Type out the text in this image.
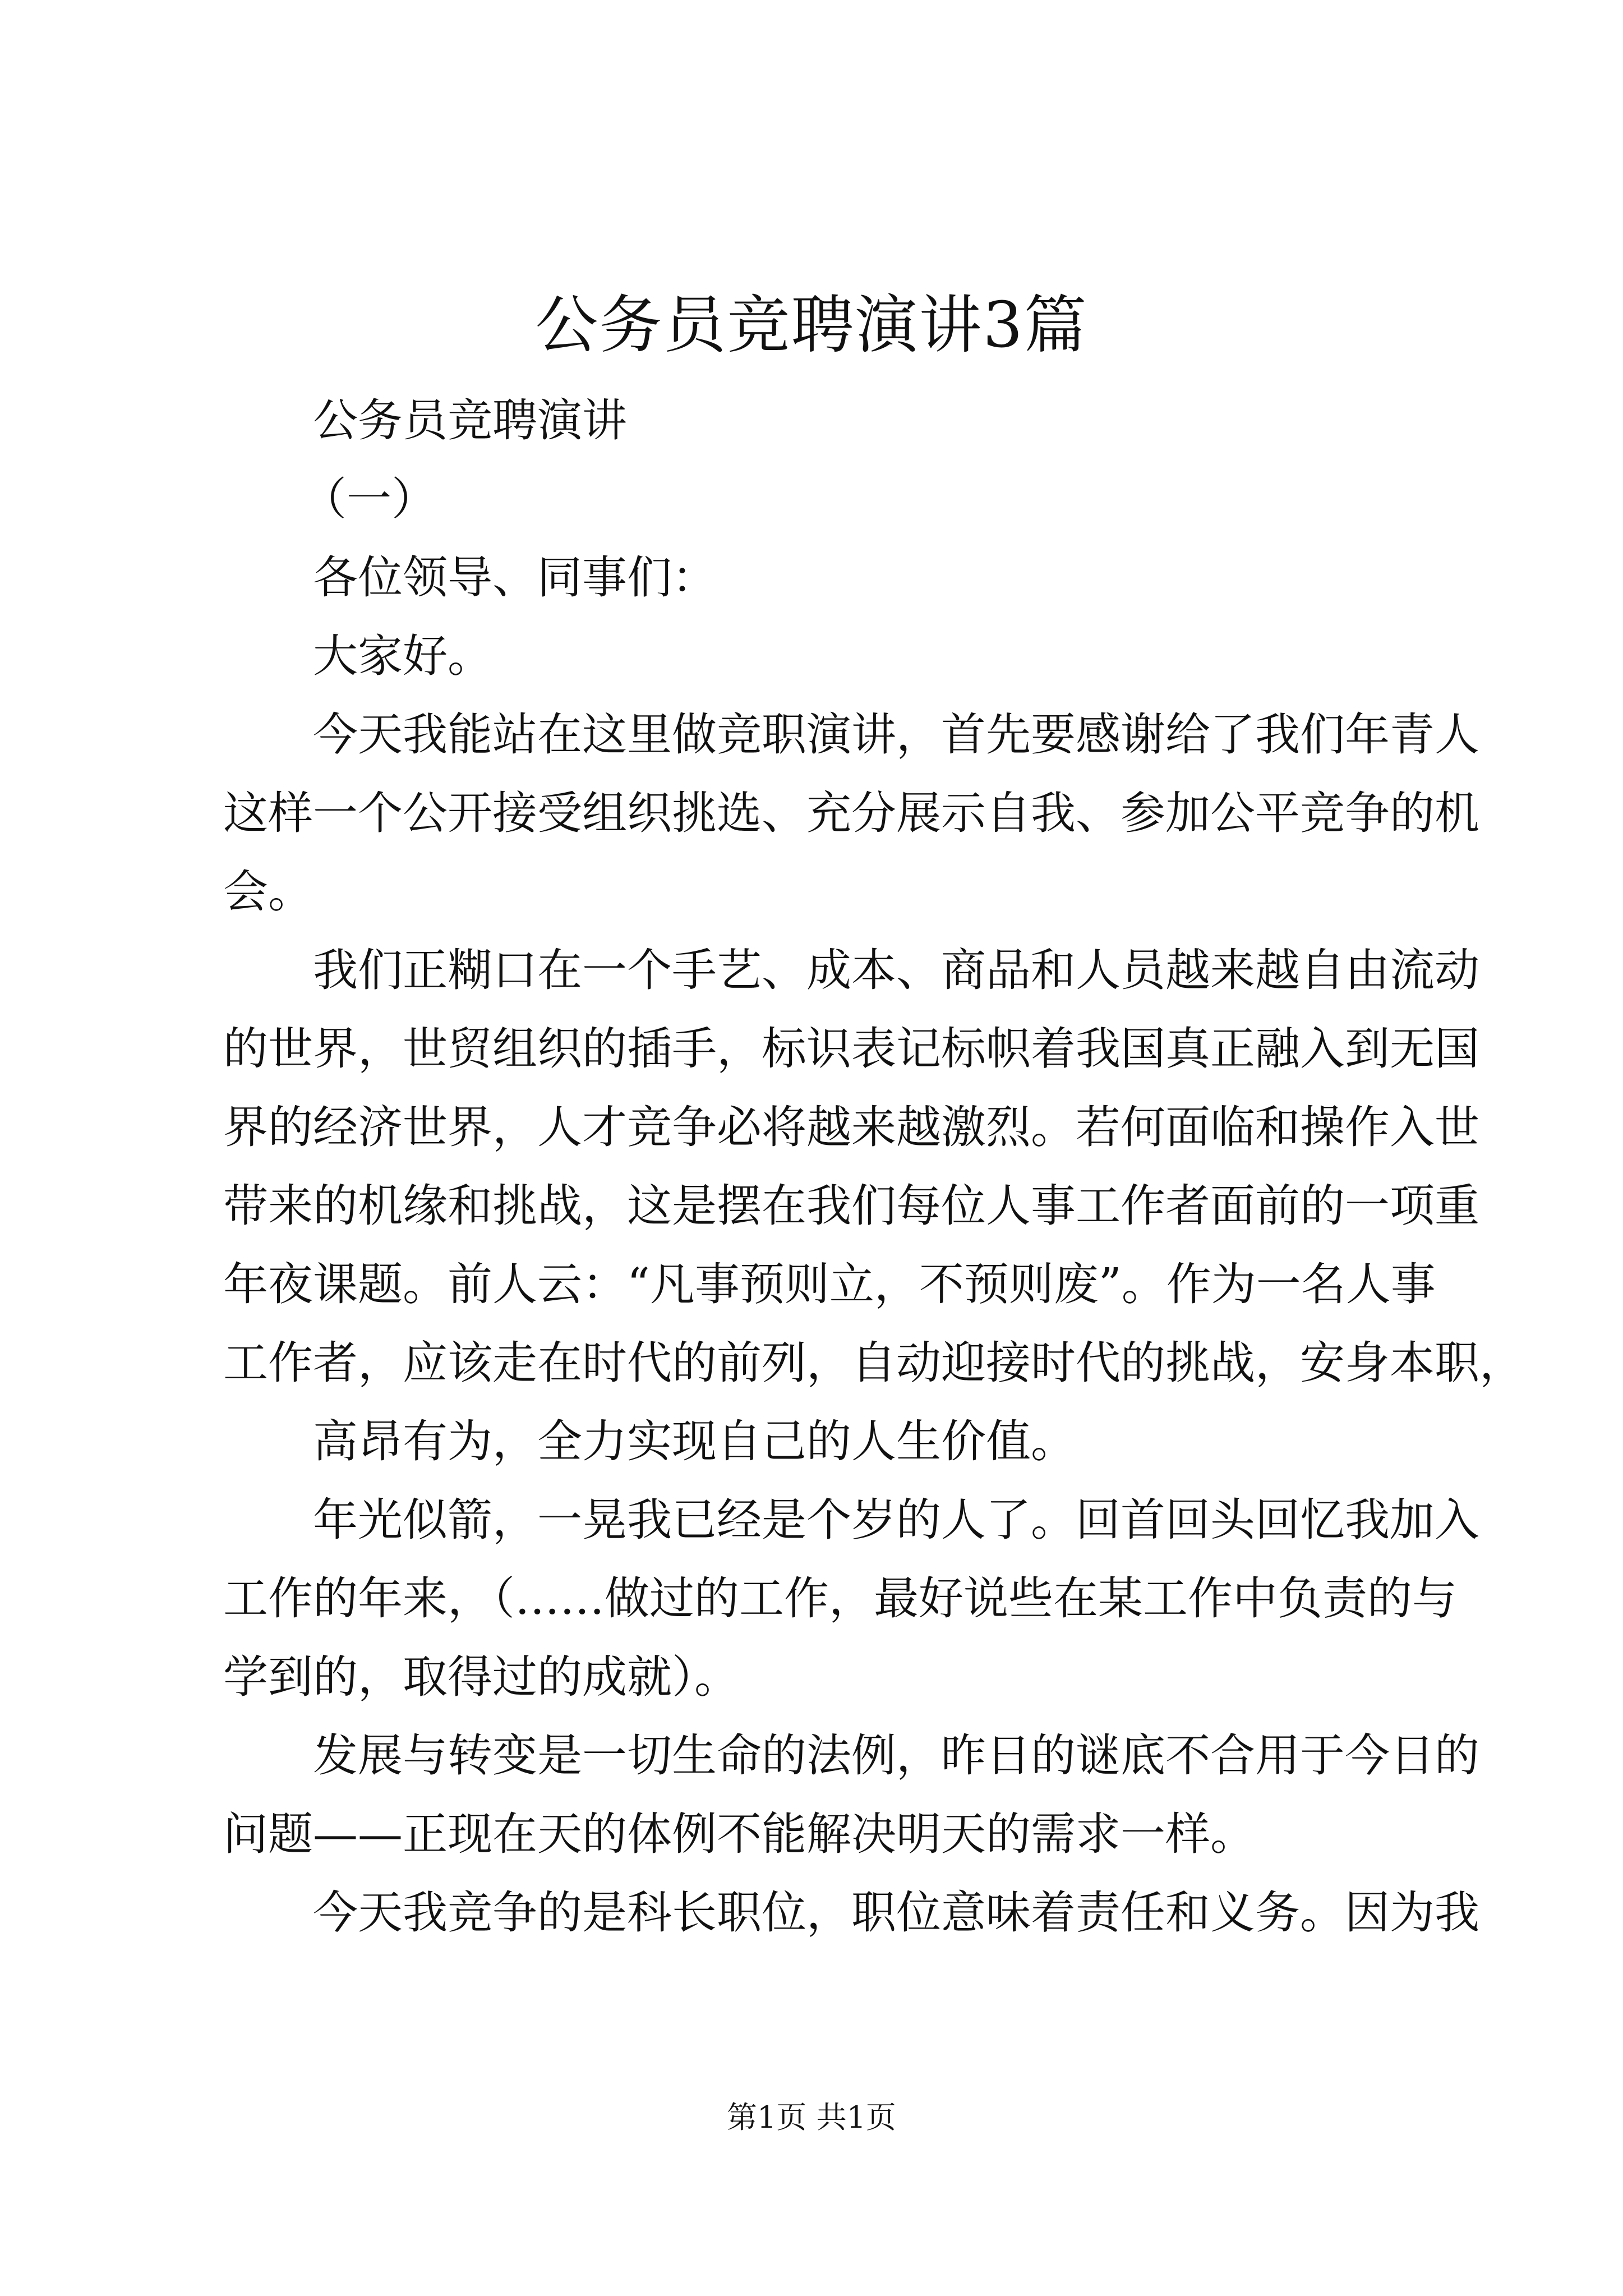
公务员竞聘演讲3篇
公务员竞聘演讲
（一）
各位领导、同事们：
大家好。
今天我能站在这里做竞职演讲，首先要感谢给了我们年青人
这样一个公开接受组织挑选、充分展示自我、参加公平竞争的机
会。
我们正糊口在一个手艺、成本、商品和人员越来越自由流动
的世界，世贸组织的插手，标识表记标帜着我国真正融入到无国
界的经济世界，人才竞争必将越来越激烈。若何面临和操作入世
带来的机缘和挑战，这是摆在我们每位人事工作者面前的一项重
年夜课题。前人云：“凡事预则立，不预则废”。作为一名人事
工作者，应该走在时代的前列，自动迎接时代的挑战，安身本职，
高昂有为，全力实现自己的人生价值。
年光似箭，一晃我已经是个岁的人了。回首回头回忆我加入
工作的年来，（……做过的工作，最好说些在某工作中负责的与
学到的，取得过的成就）。
发展与转变是一切生命的法例，昨日的谜底不合用于今日的
问题——正现在天的体例不能解决明天的需求一样。
今天我竞争的是科长职位，职位意味着责任和义务。因为我
第1页 共1页
